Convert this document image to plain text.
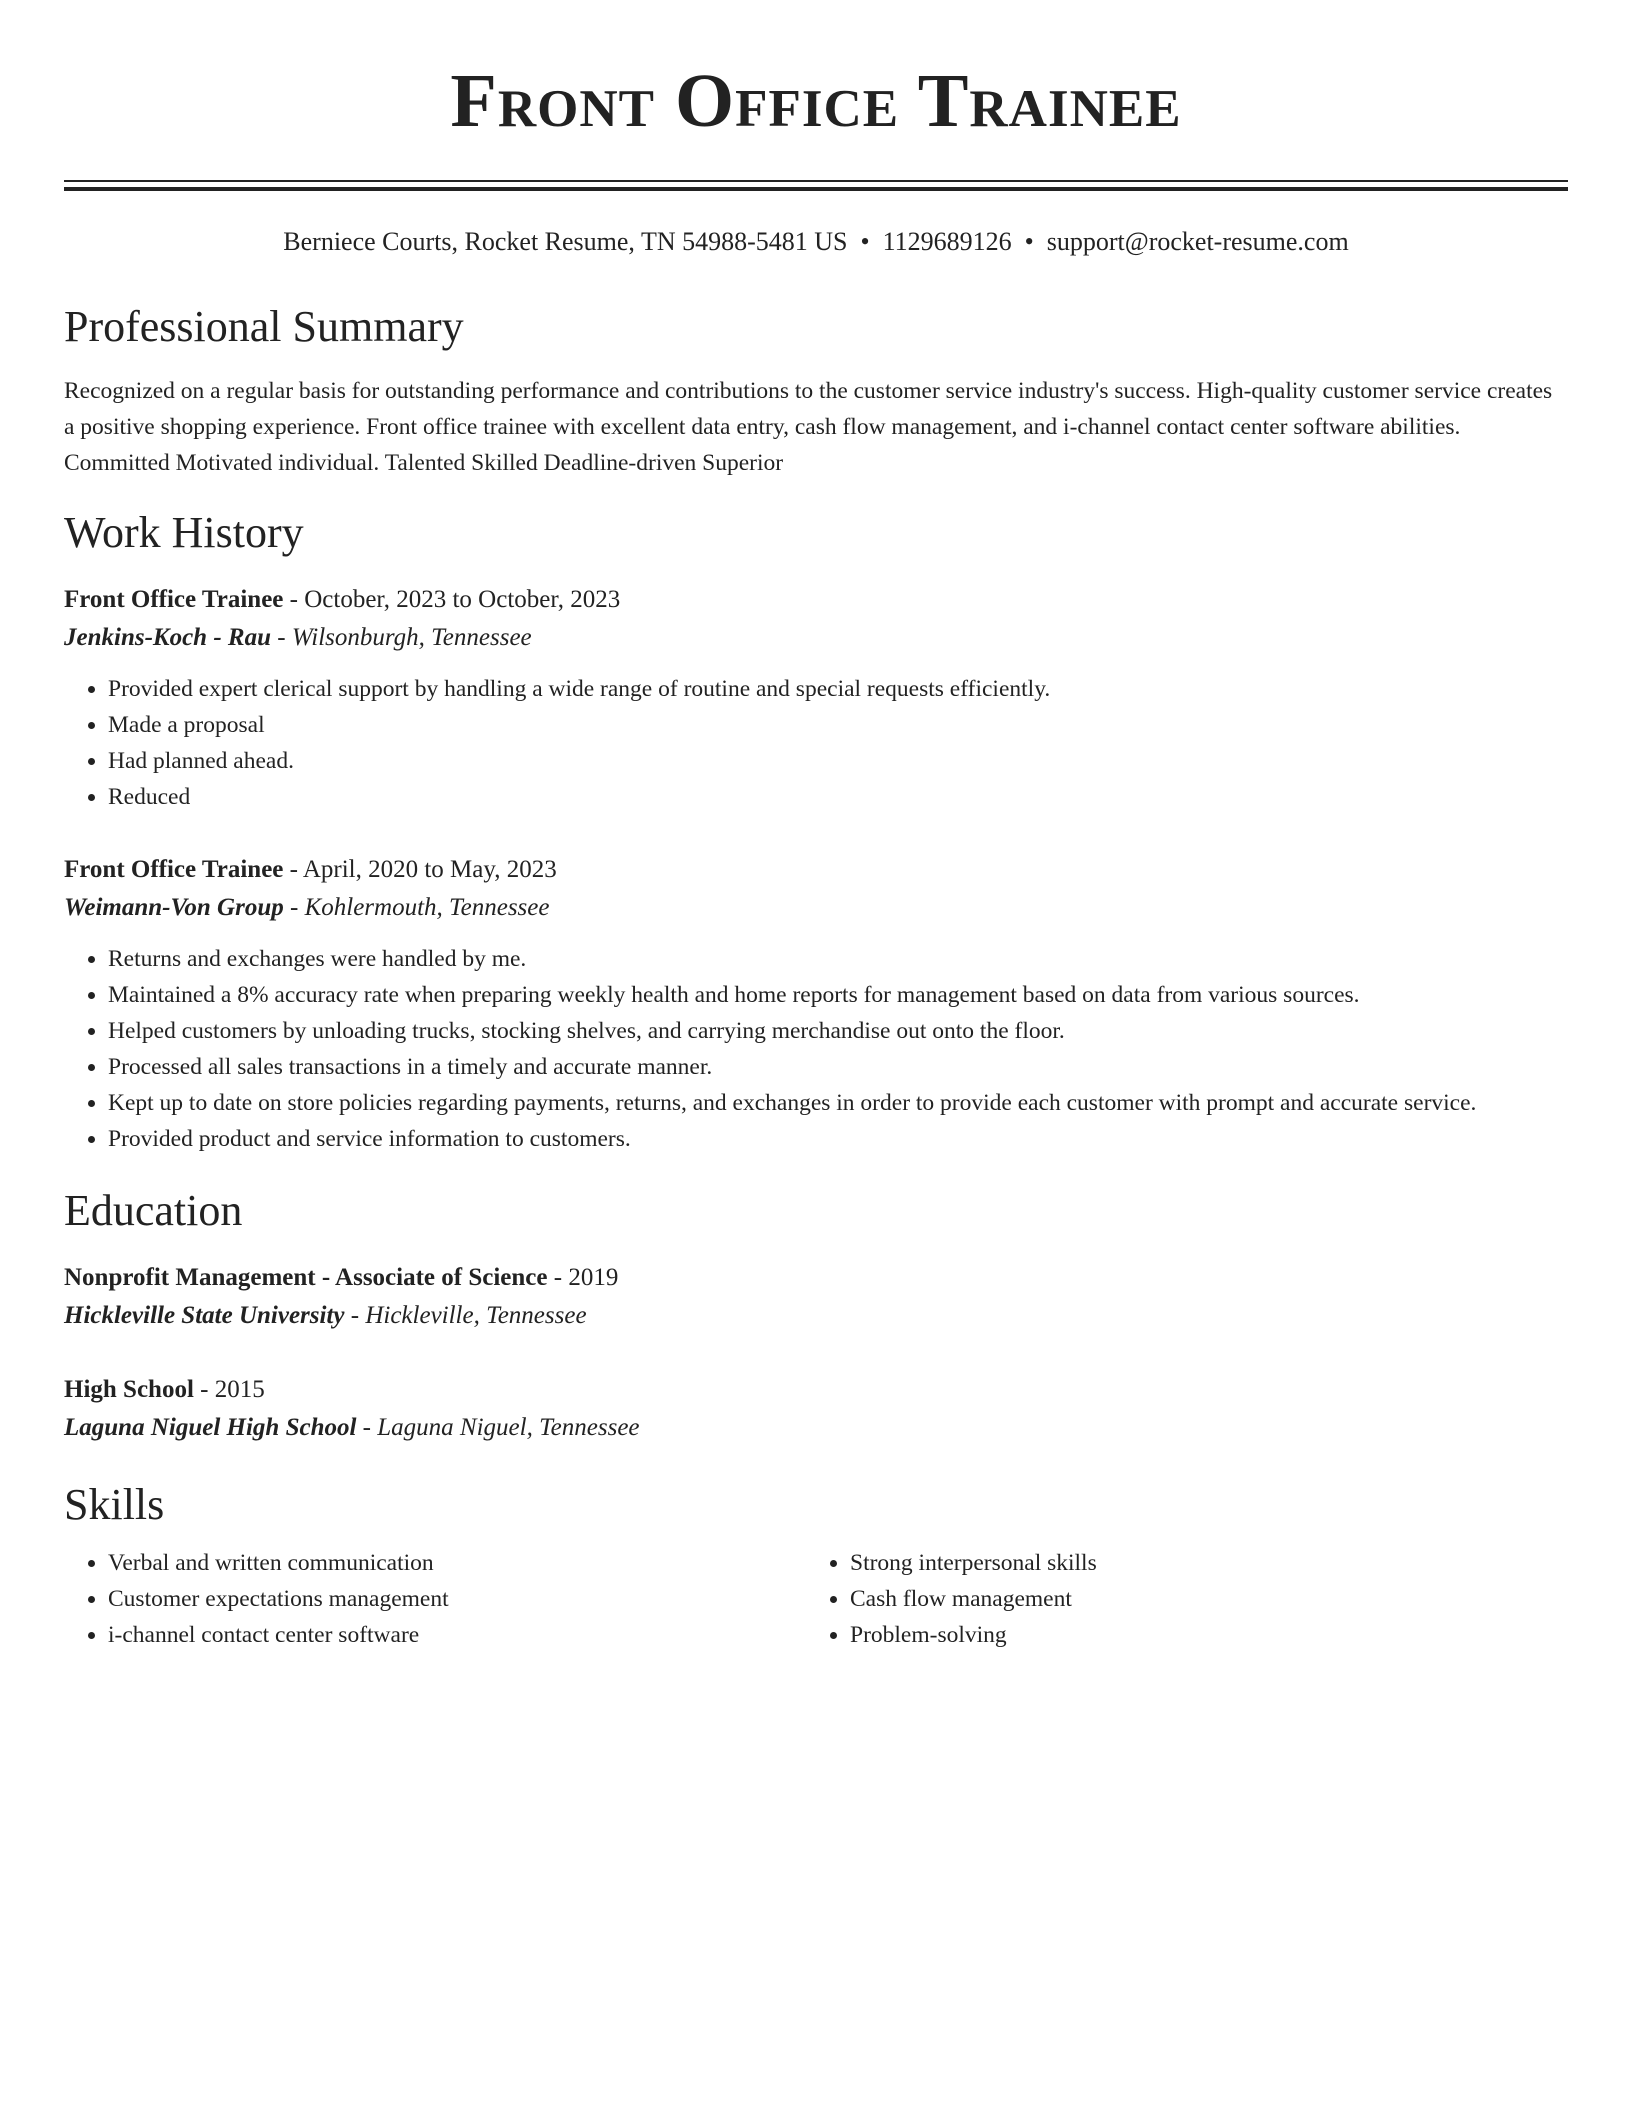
Front Office Trainee
Berniece Courts, Rocket Resume, TN 54988-5481 US • 1129689126 • support@rocket-resume.com
Professional Summary

Recognized on a regular basis for outstanding performance and contributions to the customer service industry's success. High-quality customer service creates a positive shopping experience. Front office trainee with excellent data entry, cash flow management, and i-channel contact center software abilities. Committed Motivated individual. Talented Skilled Deadline-driven Superior

Work History
Front Office Trainee - October, 2023 to October, 2023
Jenkins-Koch - Rau - Wilsonburgh, Tennessee
• Provided expert clerical support by handling a wide range of routine and special requests efficiently.
• Made a proposal
• Had planned ahead.
• Reduced
Front Office Trainee - April, 2020 to May, 2023
Weimann-Von Group - Kohlermouth, Tennessee
• Returns and exchanges were handled by me.
• Maintained a 8% accuracy rate when preparing weekly health and home reports for management based on data from various sources.
• Helped customers by unloading trucks, stocking shelves, and carrying merchandise out onto the floor.
• Processed all sales transactions in a timely and accurate manner.
• Kept up to date on store policies regarding payments, returns, and exchanges in order to provide each customer with prompt and accurate service.
• Provided product and service information to customers.
Education
Nonprofit Management - Associate of Science - 2019
Hickleville State University - Hickleville, Tennessee
High School - 2015
Laguna Niguel High School - Laguna Niguel, Tennessee
Skills
• Verbal and written communication
• Customer expectations management
• i-channel contact center software
• Strong interpersonal skills
• Cash flow management
• Problem-solving
